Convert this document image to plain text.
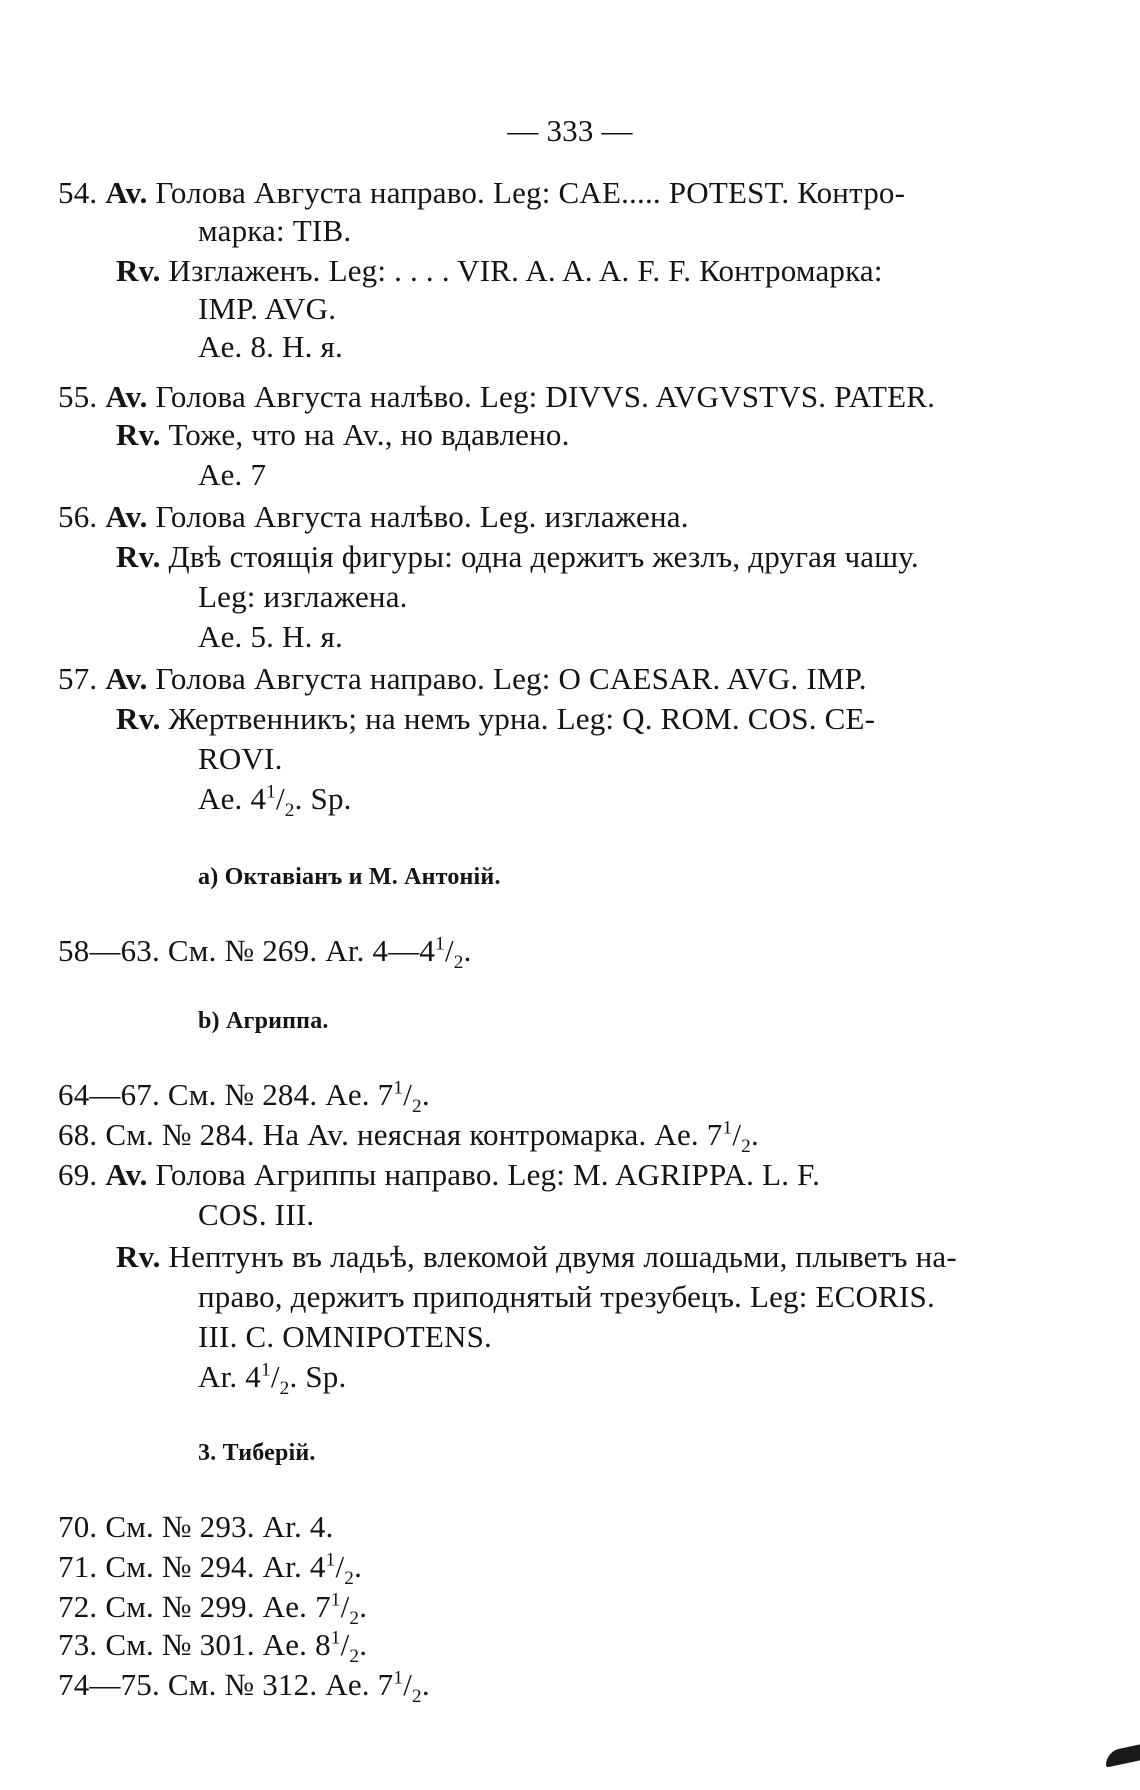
— 333 —
54. Av. Голова Августа направо. Leg: CAE..... POTEST. Контро-
марка: TIB.
Rv. Изглаженъ. Leg: . . . . VIR. A. A. A. F. F. Контромарка:
IMP. AVG.
Ae. 8. Н. я.
55. Av. Голова Августа налѣво. Leg: DIVVS. AVGVSTVS. PATER.
Rv. Тоже, что на Av., но вдавлено.
Ae. 7
56. Av. Голова Августа налѣво. Leg. изглажена.
Rv. Двѣ стоящія фигуры: одна держитъ жезлъ, другая чашу.
Leg: изглажена.
Ae. 5. Н. я.
57. Av. Голова Августа направо. Leg: O CAESAR. AVG. IMP.
Rv. Жертвенникъ; на немъ урна. Leg: Q. ROM. COS. CE-
ROVI.
Ae. $4^1/_2$. Sp.
а) Октавіанъ и М. Антоній.
58—63. См. № 269. Ar. $4—4^1/_2$.
b) Агриппа.
64—67. См. № 284. Ae. $7^1/_2$.
68. См. № 284. На Av. неясная контромарка. Ae. $7^1/_2$.
69. Av. Голова Агриппы направо. Leg: M. AGRIPPA. L. F.
COS. III.
Rv. Нептунъ въ ладьѣ, влекомой двумя лошадьми, плыветъ на-
право, держитъ приподнятый трезубецъ. Leg: ECORIS.
III. C. OMNIPOTENS.
Ar. $4^1/_2$. Sp.
3. Тиберій.
70. См. № 293. Ar. 4.
71. См. № 294. Ar. $4^1/_2$.
72. См. № 299. Ae. $7^1/_2$.
73. См. № 301. Ae. $8^1/_2$.
74—75. См. № 312. Ae. $7^1/_2$.
